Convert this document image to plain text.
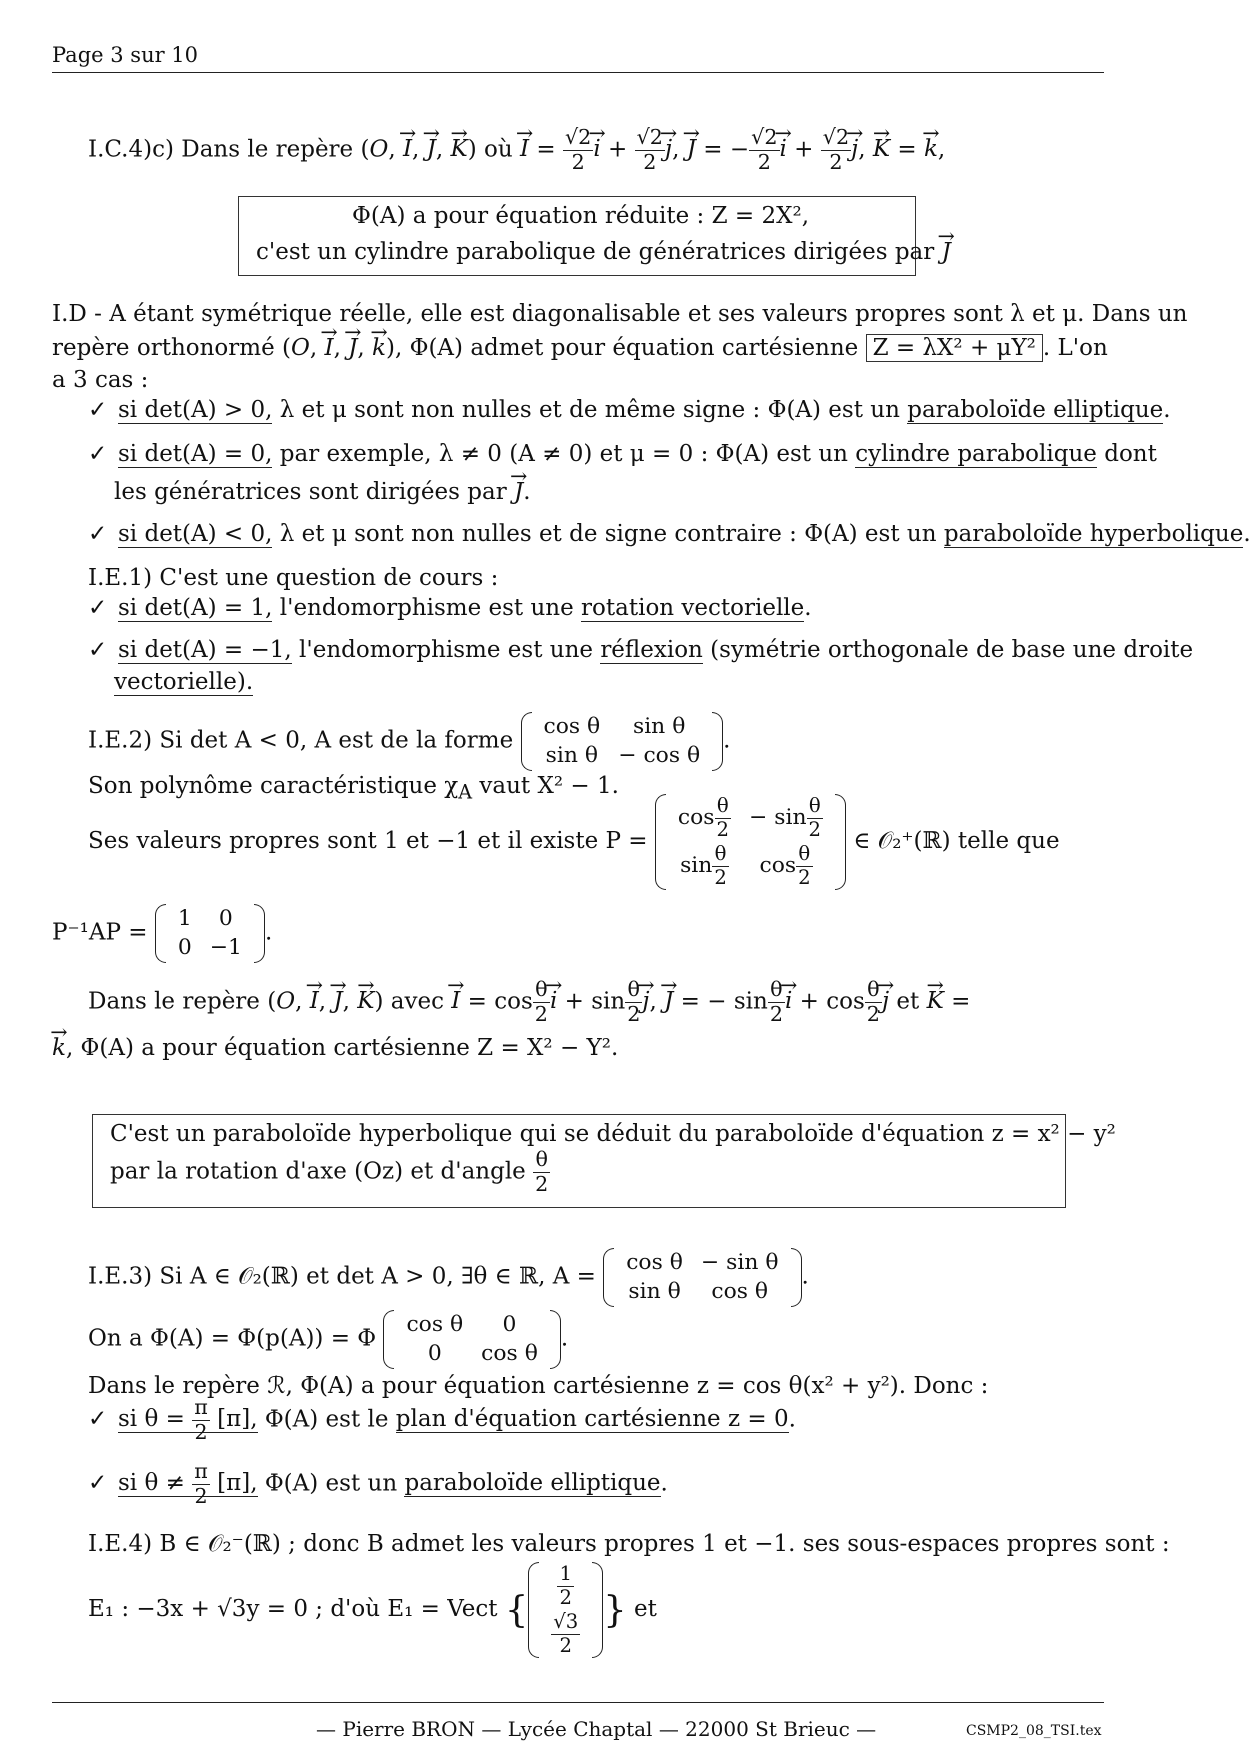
Page 3 sur 10
I.C.4)c) Dans le repère (O, → I, → J, → K) où → $I = \frac{√2}{2} \to i + \frac{√2}{2} \to j$, → J = − $\frac{√2}{2} \to i + \frac{√2}{2} \to j$, → K = → k,
Φ(A) a pour équation réduite : Z = 2X²,
c'est un cylindre parabolique de génératrices dirigées par → J
I.D - A étant symétrique réelle, elle est diagonalisable et ses valeurs propres sont λ et μ. Dans un
repère orthonormé (O, → I, → J, → k), Φ(A) admet pour équation cartésienne Z = λX² + μY² . L'on
a 3 cas :
✓ si det(A) > 0, λ et μ sont non nulles et de même signe : Φ(A) est un paraboloïde elliptique.
✓ si det(A) = 0, par exemple, λ ≠ 0 (A ≠ 0) et μ = 0 : Φ(A) est un cylindre parabolique dont
les génératrices sont dirigées par → J.
✓ si det(A) < 0, λ et μ sont non nulles et de signe contraire : Φ(A) est un paraboloïde hyperbolique.
I.E.1) C'est une question de cours :
✓ si det(A) = 1, l'endomorphisme est une rotation vectorielle.
✓ si det(A) = −1, l'endomorphisme est une réflexion (symétrie orthogonale de base une droite
vectorielle).
I.E.2) Si det A < 0, A est de la forme
cos θ	sin θ
sin θ	− cos θ
.
Son polynôme caractéristique $\chi_A$ vaut X² − 1.
Ses valeurs propres sont 1 et −1 et il existe P =
$\cos \frac{\theta}{2}$	− $\sin \frac{\theta}{2}$

$\sin \frac{\theta}{2}$	$\cos \frac{\theta}{2}$
∈ 𝒪₂⁺(ℝ) telle que
P⁻¹AP =
1	0
0	−1
.
Dans le repère (O, → I, → J, → K) avec → $I = \cos \frac{\theta}{2} \to i + \sin \frac{\theta}{2} \to j$, → J = − $\sin \frac{\theta}{2} \to i + \cos \frac{\theta}{2} \to j$ et → K =
→ k, Φ(A) a pour équation cartésienne Z = X² − Y².
C'est un paraboloïde hyperbolique qui se déduit du paraboloïde d'équation z = x² − y²
par la rotation d'axe (Oz) et d'angle $\frac{\theta}{2}$
I.E.3) Si A ∈ 𝒪₂(ℝ) et det A > 0, ∃θ ∈ ℝ, A =
cos θ	− sin θ
sin θ	cos θ
.
On a Φ(A) = Φ(p(A)) = Φ
cos θ	0
0	cos θ
.
Dans le repère ℛ, Φ(A) a pour équation cartésienne z = cos θ(x² + y²). Donc :
✓ si $\theta = \frac{\pi}{2} [\pi]$, Φ(A) est le plan d'équation cartésienne z = 0.
✓ si $\theta \ne \frac{\pi}{2} [\pi]$, Φ(A) est un paraboloïde elliptique.
I.E.4) B ∈ 𝒪₂⁻(ℝ) ; donc B admet les valeurs propres 1 et −1. ses sous-espaces propres sont :
E₁ : −3x + √3y = 0 ; d'où E₁ = Vect {
$\frac{1}{2}$

$\frac{√3}{2}$
} et
— Pierre BRON — Lycée Chaptal — 22000 St Brieuc —	CSMP2_08_TSI.tex
